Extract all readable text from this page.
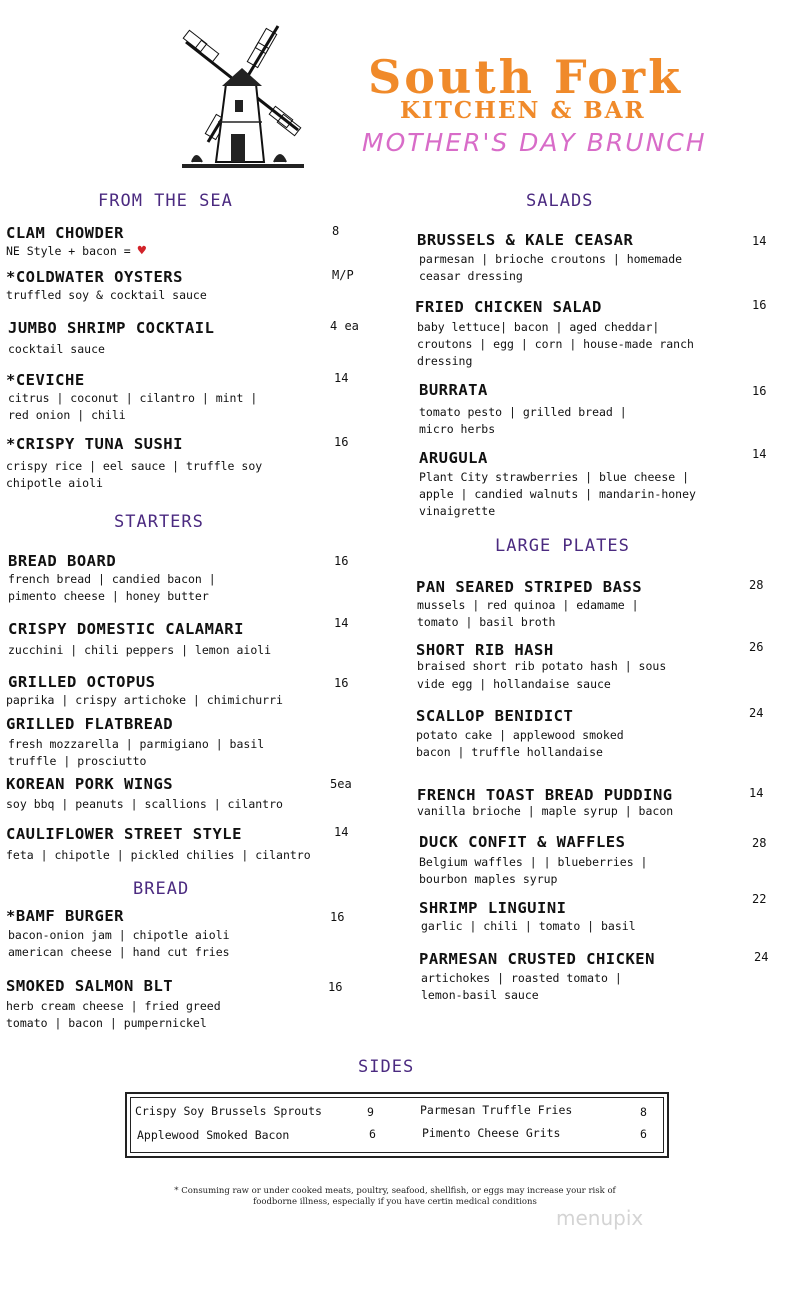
South Fork
KITCHEN & BAR
MOTHER'S DAY BRUNCH
FROM THE SEA
CLAM CHOWDER	8
NE Style + bacon = ♥
*COLDWATER OYSTERS	M/P
truffled soy & cocktail sauce
JUMBO SHRIMP COCKTAIL	4 ea
cocktail sauce
*CEVICHE	14
citrus | coconut | cilantro | mint |
red onion | chili
*CRISPY TUNA SUSHI	16
crispy rice | eel sauce | truffle soy
chipotle aioli
STARTERS
BREAD BOARD	16
french bread | candied bacon |
pimento cheese | honey butter
CRISPY DOMESTIC CALAMARI	14
zucchini | chili peppers | lemon aioli
GRILLED OCTOPUS	16
paprika | crispy artichoke | chimichurri
GRILLED FLATBREAD
fresh mozzarella | parmigiano | basil
truffle | prosciutto
KOREAN PORK WINGS	5ea
soy bbq | peanuts | scallions | cilantro
CAULIFLOWER STREET STYLE	14
feta | chipotle | pickled chilies | cilantro
BREAD
*BAMF BURGER	16
bacon-onion jam | chipotle aioli
american cheese | hand cut fries
SMOKED SALMON BLT	16
herb cream cheese | fried greed
tomato | bacon | pumpernickel
SALADS
BRUSSELS & KALE CEASAR	14
parmesan | brioche croutons | homemade
ceasar dressing
FRIED CHICKEN SALAD	16
baby lettuce| bacon | aged cheddar|
croutons | egg | corn | house-made ranch
dressing
BURRATA	16
tomato pesto | grilled bread |
micro herbs
ARUGULA	14
Plant City strawberries | blue cheese |
apple | candied walnuts | mandarin-honey
vinaigrette
LARGE PLATES
PAN SEARED STRIPED BASS	28
mussels | red quinoa | edamame |
tomato | basil broth
SHORT RIB HASH	26
braised short rib potato hash | sous
vide egg | hollandaise sauce
SCALLOP BENIDICT	24
potato cake | applewood smoked
bacon | truffle hollandaise
FRENCH TOAST BREAD PUDDING	14
vanilla brioche | maple syrup | bacon
DUCK CONFIT & WAFFLES	28
Belgium waffles | | blueberries |
bourbon maples syrup
SHRIMP LINGUINI	22
garlic | chili | tomato | basil
PARMESAN CRUSTED CHICKEN	24
artichokes | roasted tomato |
lemon-basil sauce
SIDES
Crispy Soy Brussels Sprouts	9
Applewood Smoked Bacon	6
Parmesan Truffle Fries	8
Pimento Cheese Grits	6
* Consuming raw or under cooked meats, poultry, seafood, shellfish, or eggs may increase your risk of
foodborne illness, especially if you have certin medical conditions
menupix
